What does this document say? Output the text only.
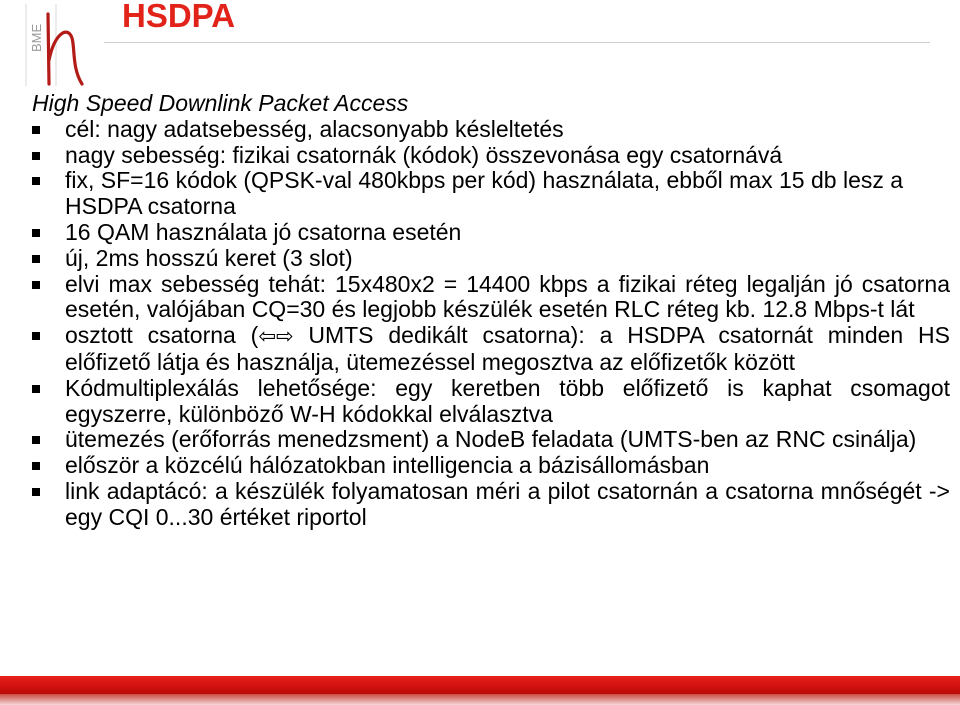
BME
HSDPA

High Speed Downlink Packet Access

cél: nagy adatsebesség, alacsonyabb késleltetés
nagy sebesség: fizikai csatornák (kódok) összevonása egy csatornává
fix, SF=16 kódok (QPSK-val 480kbps per kód) használata, ebből max 15 db lesz a HSDPA csatorna
16 QAM használata jó csatorna esetén
új, 2ms hosszú keret (3 slot)
elvi max sebesség tehát: 15x480x2 = 14400 kbps a fizikai réteg legalján jó csatorna esetén, valójában CQ=30 és legjobb készülék esetén RLC réteg kb. 12.8 Mbps-t lát
osztott csatorna (⇦⇨ UMTS dedikált csatorna): a HSDPA csatornát minden HS előfizető látja és használja, ütemezéssel megosztva az előfizetők között
Kódmultiplexálás lehetősége: egy keretben több előfizető is kaphat csomagot egyszerre, különböző W-H kódokkal elválasztva
ütemezés (erőforrás menedzsment) a NodeB feladata (UMTS-ben az RNC csinálja)
először a közcélú hálózatokban intelligencia a bázisállomásban
link adaptácó: a készülék folyamatosan méri a pilot csatornán a csatorna mnőségét -> egy CQI 0...30 értéket riportol
